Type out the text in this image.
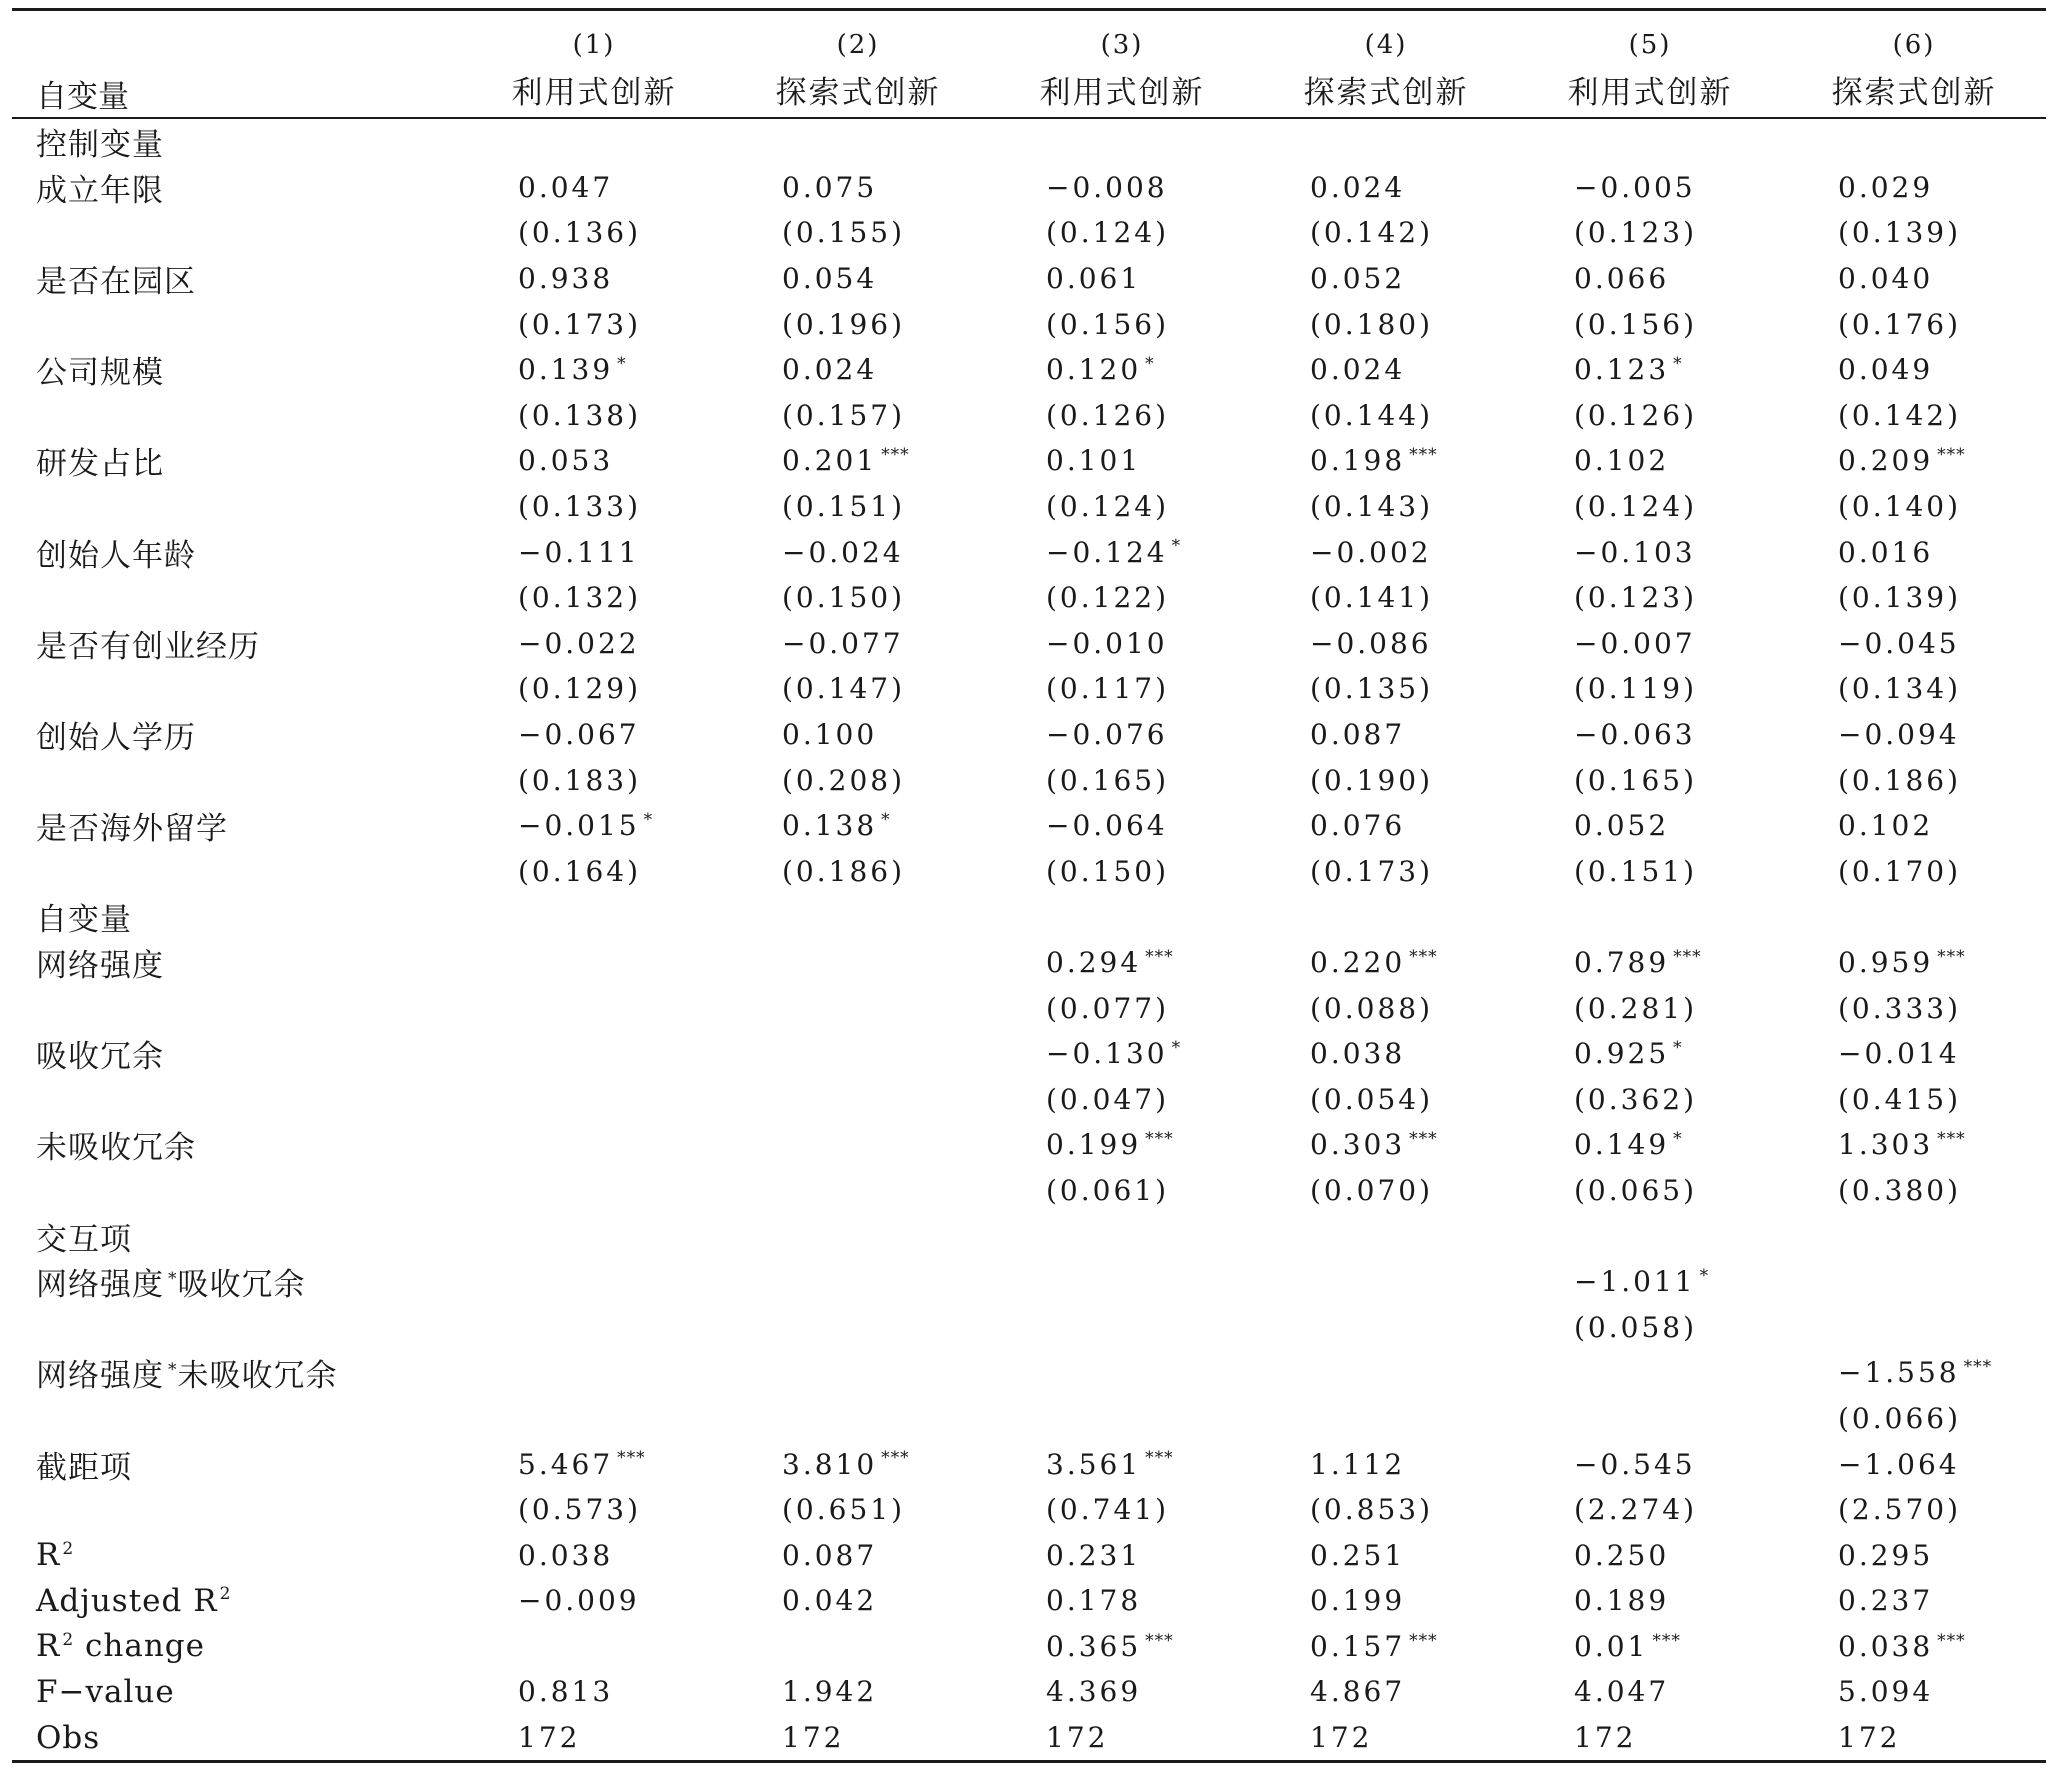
自变量	(1)	(2)	(3)	(4)	(5)	(6)
	利用式创新	探索式创新	利用式创新	探索式创新	利用式创新	探索式创新
控制变量						
成立年限	0.047	0.075	−0.008	0.024	−0.005	0.029
	(0.136)	(0.155)	(0.124)	(0.142)	(0.123)	(0.139)
是否在园区	0.938	0.054	0.061	0.052	0.066	0.040
	(0.173)	(0.196)	(0.156)	(0.180)	(0.156)	(0.176)
公司规模	0.139 *	0.024	0.120 *	0.024	0.123 *	0.049
	(0.138)	(0.157)	(0.126)	(0.144)	(0.126)	(0.142)
研发占比	0.053	0.201 ***	0.101	0.198 ***	0.102	0.209 ***
	(0.133)	(0.151)	(0.124)	(0.143)	(0.124)	(0.140)
创始人年龄	−0.111	−0.024	−0.124 *	−0.002	−0.103	0.016
	(0.132)	(0.150)	(0.122)	(0.141)	(0.123)	(0.139)
是否有创业经历	−0.022	−0.077	−0.010	−0.086	−0.007	−0.045
	(0.129)	(0.147)	(0.117)	(0.135)	(0.119)	(0.134)
创始人学历	−0.067	0.100	−0.076	0.087	−0.063	−0.094
	(0.183)	(0.208)	(0.165)	(0.190)	(0.165)	(0.186)
是否海外留学	−0.015 *	0.138 *	−0.064	0.076	0.052	0.102
	(0.164)	(0.186)	(0.150)	(0.173)	(0.151)	(0.170)
自变量						
网络强度			0.294 ***	0.220 ***	0.789 ***	0.959 ***
			(0.077)	(0.088)	(0.281)	(0.333)
吸收冗余			−0.130 *	0.038	0.925 *	−0.014
			(0.047)	(0.054)	(0.362)	(0.415)
未吸收冗余			0.199 ***	0.303 ***	0.149 *	1.303 ***
			(0.061)	(0.070)	(0.065)	(0.380)
交互项						
网络强度 *吸收冗余					−1.011 *	
					(0.058)	
网络强度 *未吸收冗余						−1.558 ***
						(0.066)
截距项	5.467 ***	3.810 ***	3.561 ***	1.112	−0.545	−1.064
	(0.573)	(0.651)	(0.741)	(0.853)	(2.274)	(2.570)
R $^2$	0.038	0.087	0.231	0.251	0.250	0.295
Adjusted R $^2$	−0.009	0.042	0.178	0.199	0.189	0.237
R $^2$ change			0.365 ***	0.157 ***	0.01 ***	0.038 ***
F−value	0.813	1.942	4.369	4.867	4.047	5.094
Obs	172	172	172	172	172	172
